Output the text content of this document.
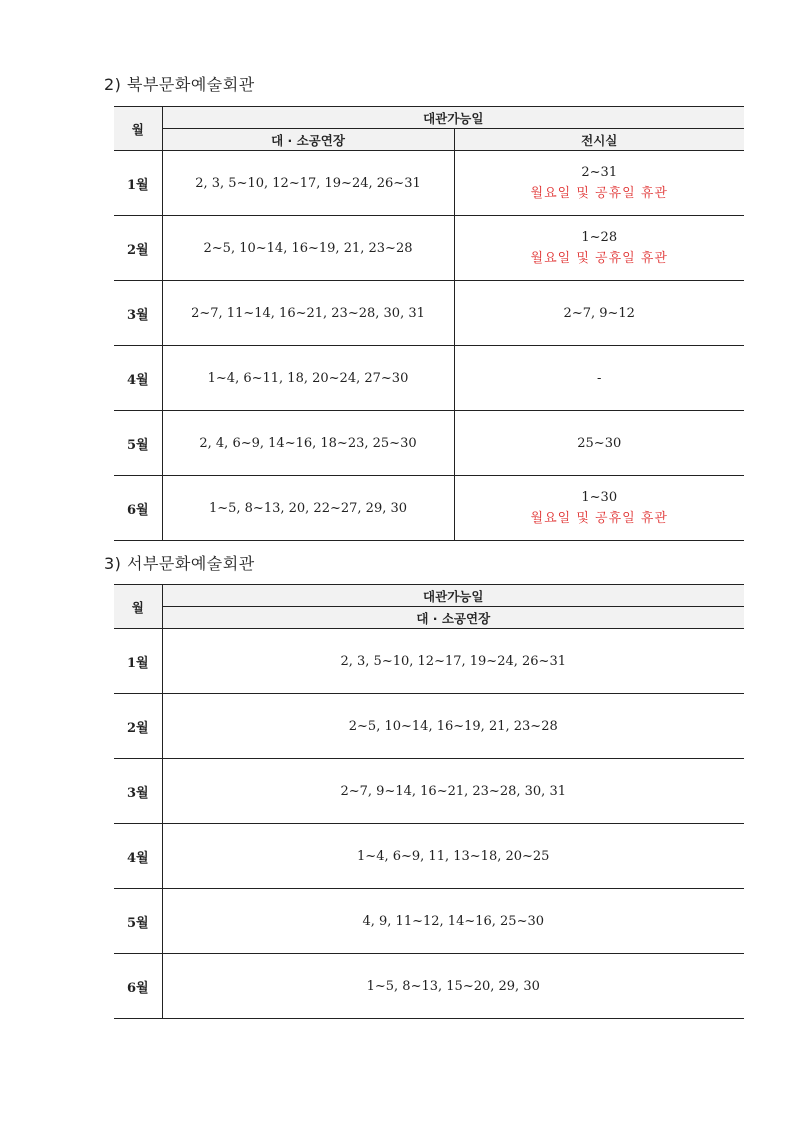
2) 북부문화예술회관
월	대관가능일	
	대 · 소공연장	전시실
1월	2, 3, 5~10, 12~17, 19~24, 26~31	2~31
월요일 및 공휴일 휴관

2월	2~5, 10~14, 16~19, 21, 23~28	1~28
월요일 및 공휴일 휴관

3월	2~7, 11~14, 16~21, 23~28, 30, 31	2~7, 9~12
4월	1~4, 6~11, 18, 20~24, 27~30	-
5월	2, 4, 6~9, 14~16, 18~23, 25~30	25~30
6월	1~5, 8~13, 20, 22~27, 29, 30	1~30
월요일 및 공휴일 휴관
3) 서부문화예술회관
월	대관가능일
	대 · 소공연장
1월	2, 3, 5~10, 12~17, 19~24, 26~31
2월	2~5, 10~14, 16~19, 21, 23~28
3월	2~7, 9~14, 16~21, 23~28, 30, 31
4월	1~4, 6~9, 11, 13~18, 20~25
5월	4, 9, 11~12, 14~16, 25~30
6월	1~5, 8~13, 15~20, 29, 30
